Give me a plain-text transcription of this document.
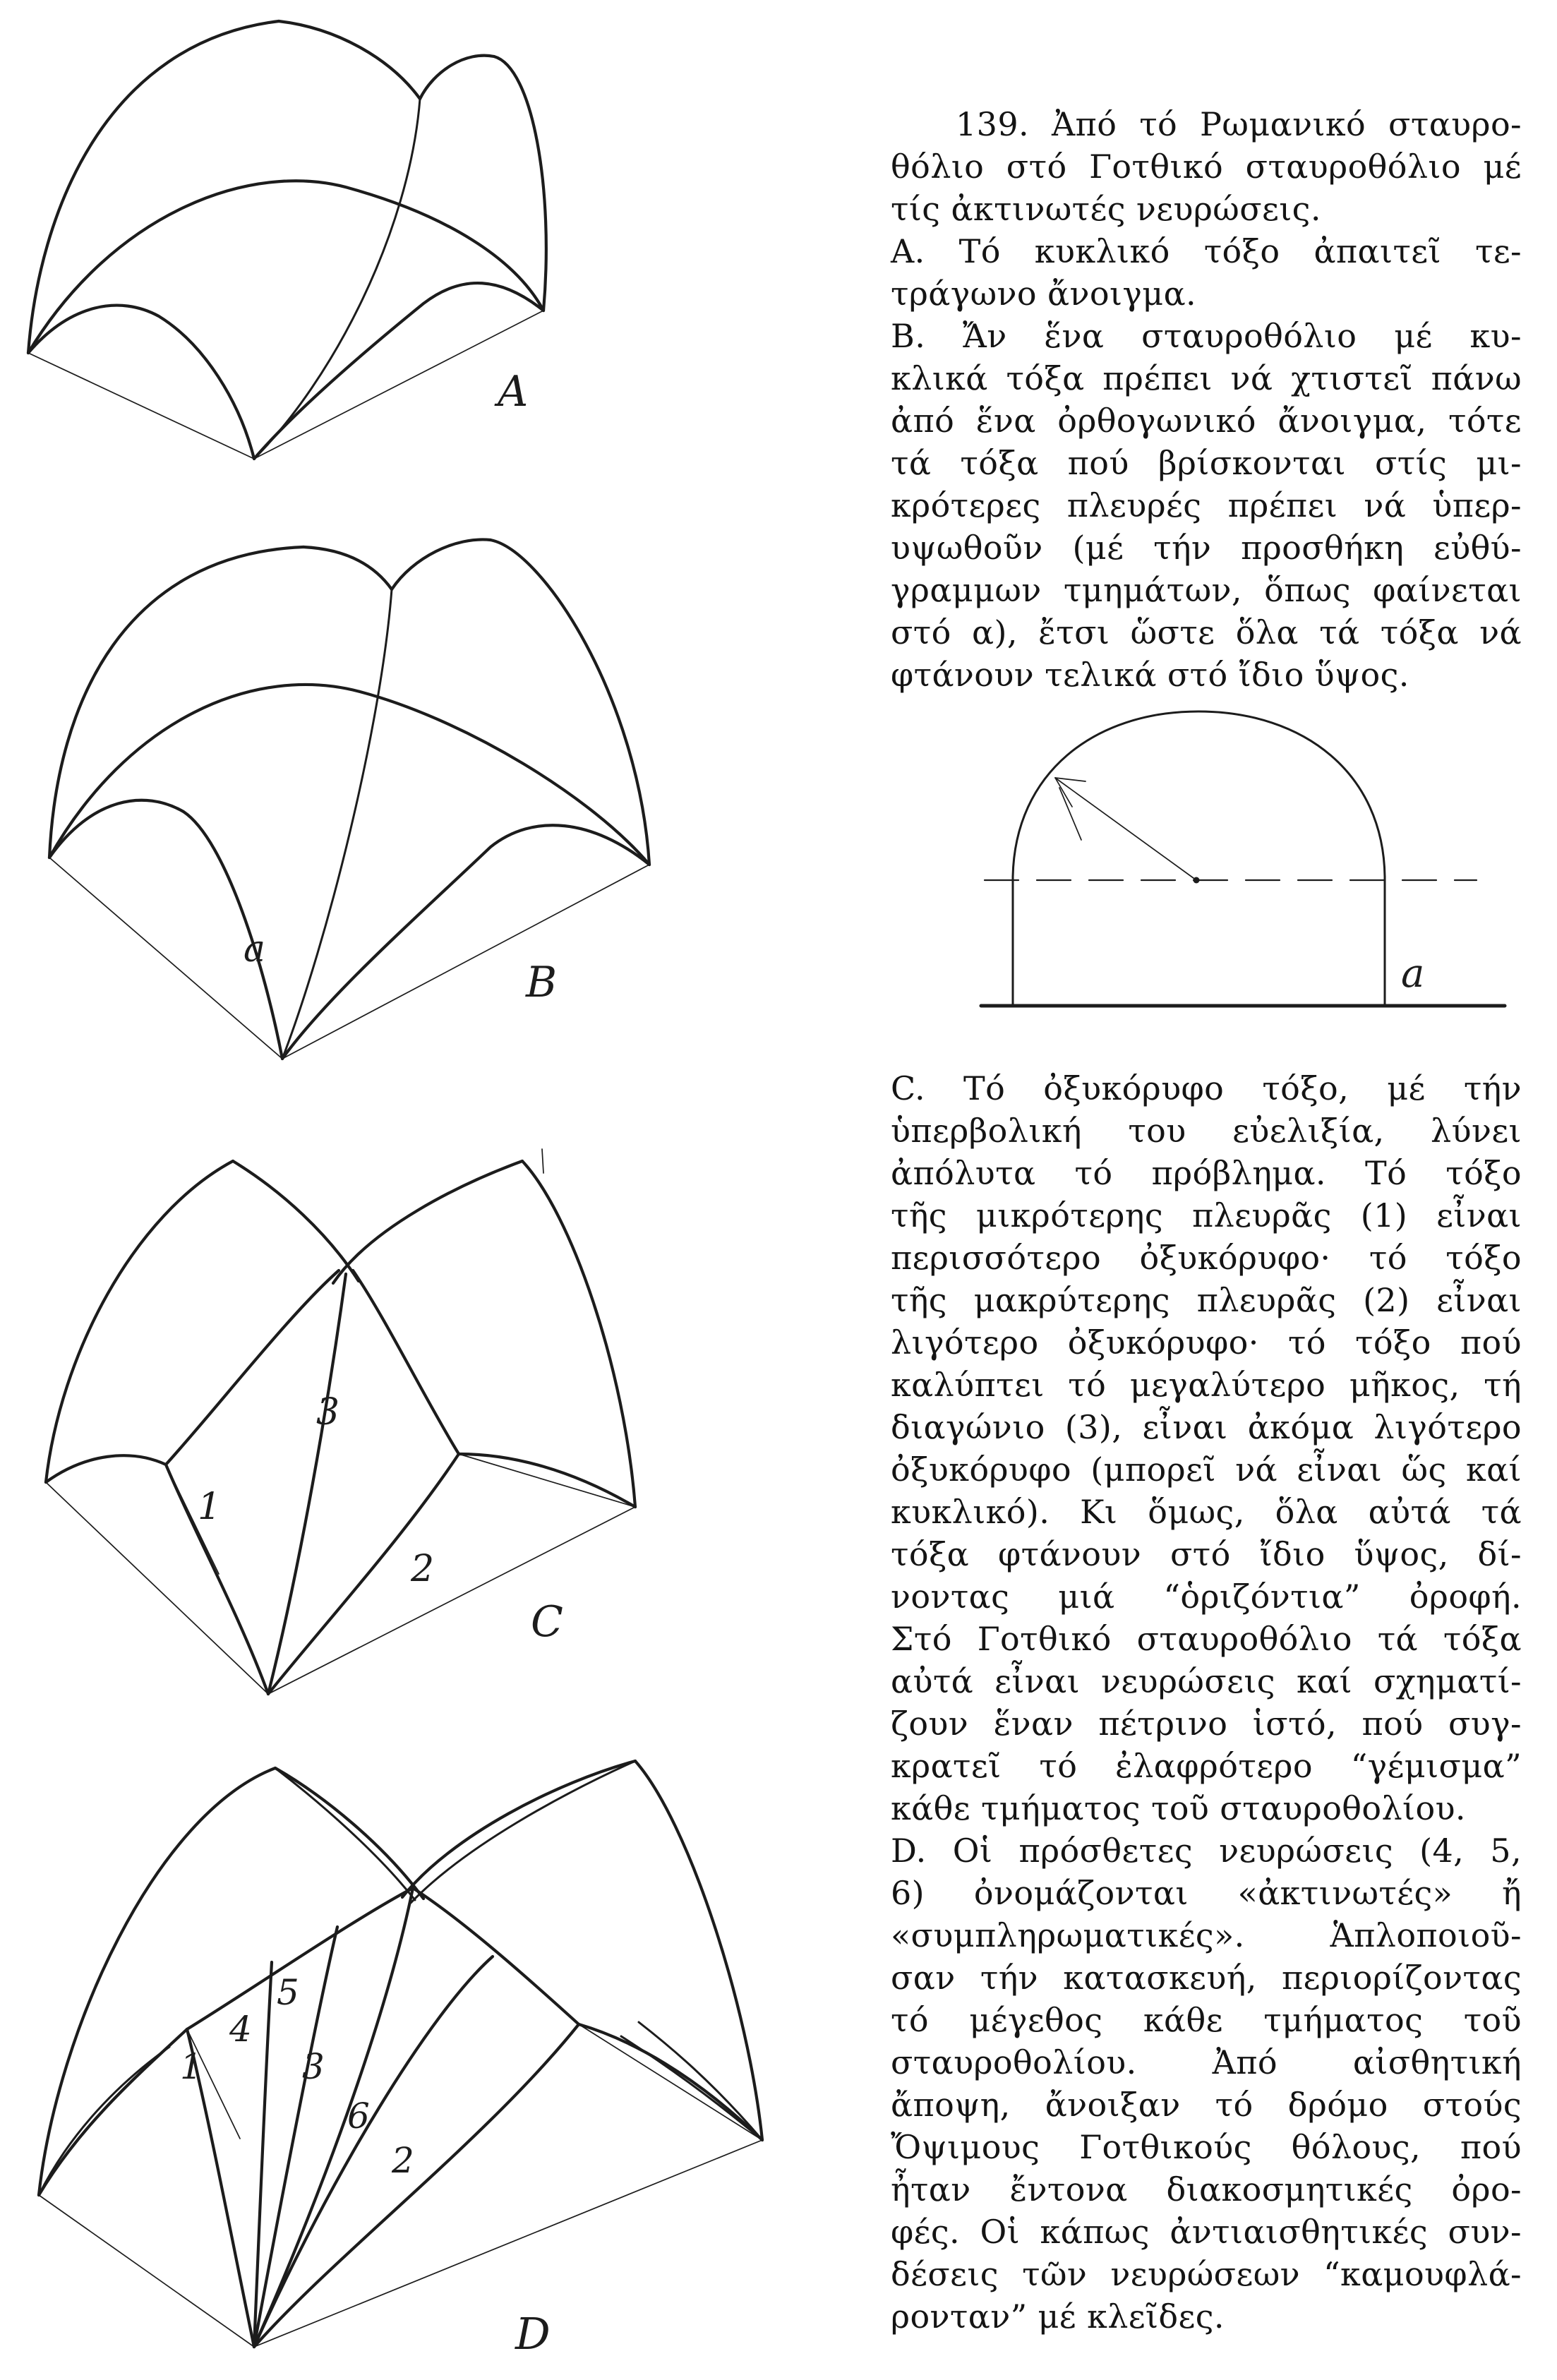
A
a
B
1
2
3
C
1
4
5
3
6
2
D
a
139. Ἀπό τό Ρωμανικό σταυρο-
θόλιο στό Γοτθικό σταυροθόλιο μέ
τίς ἀκτινωτές νευρώσεις.
Α. Τό κυκλικό τόξο ἀπαιτεῖ τε-
τράγωνο ἄνοιγμα.
Β. Ἄν ἕνα σταυροθόλιο μέ κυ-
κλικά τόξα πρέπει νά χτιστεῖ πάνω
ἀπό ἕνα ὀρθογωνικό ἄνοιγμα, τότε
τά τόξα πού βρίσκονται στίς μι-
κρότερες πλευρές πρέπει νά ὑπερ-
υψωθοῦν (μέ τήν προσθήκη εὐθύ-
γραμμων τμημάτων, ὅπως φαίνεται
στό α), ἔτσι ὥστε ὅλα τά τόξα νά
φτάνουν τελικά στό ἴδιο ὕψος.
C. Τό ὀξυκόρυφο τόξο, μέ τήν
ὑπερβολική του εὐελιξία, λύνει
ἀπόλυτα τό πρόβλημα. Τό τόξο
τῆς μικρότερης πλευρᾶς (1) εἶναι
περισσότερο ὀξυκόρυφο· τό τόξο
τῆς μακρύτερης πλευρᾶς (2) εἶναι
λιγότερο ὀξυκόρυφο· τό τόξο πού
καλύπτει τό μεγαλύτερο μῆκος, τή
διαγώνιο (3), εἶναι ἀκόμα λιγότερο
ὀξυκόρυφο (μπορεῖ νά εἶναι ὥς καί
κυκλικό). Κι ὅμως, ὅλα αὐτά τά
τόξα φτάνουν στό ἴδιο ὕψος, δί-
νοντας μιά “ὁριζόντια” ὀροφή.
Στό Γοτθικό σταυροθόλιο τά τόξα
αὐτά εἶναι νευρώσεις καί σχηματί-
ζουν ἕναν πέτρινο ἱστό, πού συγ-
κρατεῖ τό ἐλαφρότερο “γέμισμα”
κάθε τμήματος τοῦ σταυροθολίου.
D. Οἱ πρόσθετες νευρώσεις (4, 5,
6) ὀνομάζονται «ἀκτινωτές» ἤ
«συμπληρωματικές». Ἁπλοποιοῦ-
σαν τήν κατασκευή, περιορίζοντας
τό μέγεθος κάθε τμήματος τοῦ
σταυροθολίου. Ἀπό αἰσθητική
ἄποψη, ἄνοιξαν τό δρόμο στούς
Ὄψιμους Γοτθικούς θόλους, πού
ἦταν ἔντονα διακοσμητικές ὀρο-
φές. Οἱ κάπως ἀντιαισθητικές συν-
δέσεις τῶν νευρώσεων “καμουφλά-
ρονταν” μέ κλεῖδες.
